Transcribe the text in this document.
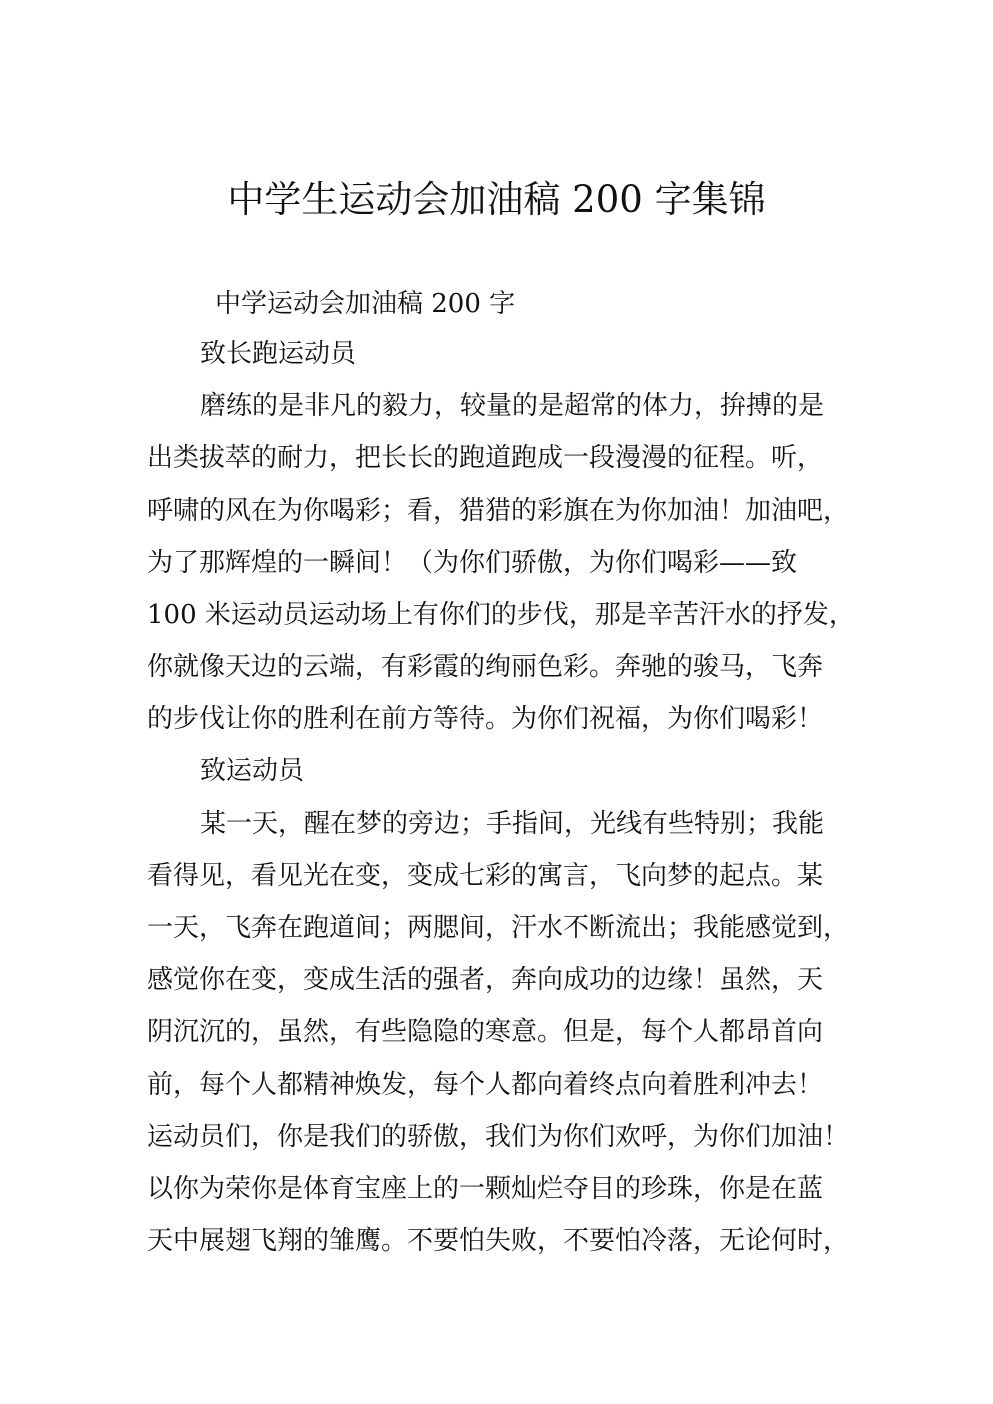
中学生运动会加油稿 200 字集锦
中学运动会加油稿 200 字
致长跑运动员
磨练的是非凡的毅力，较量的是超常的体力，拚搏的是
出类拔萃的耐力，把长长的跑道跑成一段漫漫的征程。听，
呼啸的风在为你喝彩；看，猎猎的彩旗在为你加油！加油吧，
为了那辉煌的一瞬间！（为你们骄傲，为你们喝彩——致
100 米运动员运动场上有你们的步伐，那是辛苦汗水的抒发，
你就像天边的云端，有彩霞的绚丽色彩。奔驰的骏马，飞奔
的步伐让你的胜利在前方等待。为你们祝福，为你们喝彩！
致运动员
某一天，醒在梦的旁边；手指间，光线有些特别；我能
看得见，看见光在变，变成七彩的寓言，飞向梦的起点。某
一天，飞奔在跑道间；两腮间，汗水不断流出；我能感觉到，
感觉你在变，变成生活的强者，奔向成功的边缘！虽然，天
阴沉沉的，虽然，有些隐隐的寒意。但是，每个人都昂首向
前，每个人都精神焕发，每个人都向着终点向着胜利冲去！
运动员们，你是我们的骄傲，我们为你们欢呼，为你们加油！
以你为荣你是体育宝座上的一颗灿烂夺目的珍珠，你是在蓝
天中展翅飞翔的雏鹰。不要怕失败，不要怕冷落，无论何时，
